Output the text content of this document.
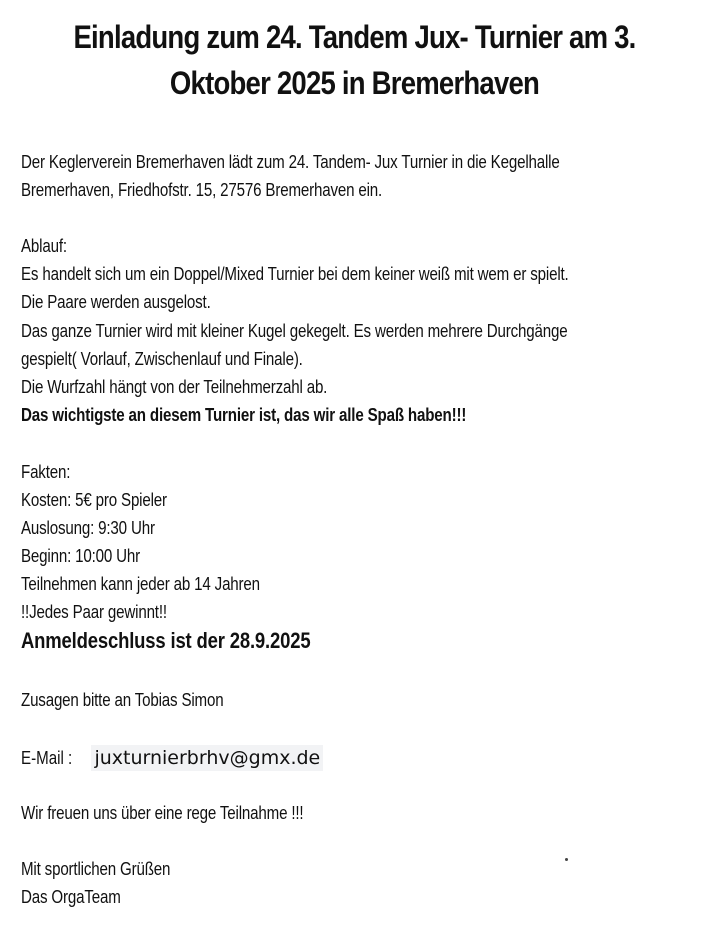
Einladung zum 24. Tandem Jux- Turnier am 3.
Oktober 2025 in Bremerhaven
Der Keglerverein Bremerhaven lädt zum 24. Tandem- Jux Turnier in die Kegelhalle
Bremerhaven, Friedhofstr. 15, 27576 Bremerhaven ein.
Ablauf:
Es handelt sich um ein Doppel/Mixed Turnier bei dem keiner weiß mit wem er spielt.
Die Paare werden ausgelost.
Das ganze Turnier wird mit kleiner Kugel gekegelt. Es werden mehrere Durchgänge
gespielt( Vorlauf, Zwischenlauf und Finale).
Die Wurfzahl hängt von der Teilnehmerzahl ab.
Das wichtigste an diesem Turnier ist, das wir alle Spaß haben!!!
Fakten:
Kosten: 5€ pro Spieler
Auslosung: 9:30 Uhr
Beginn: 10:00 Uhr
Teilnehmen kann jeder ab 14 Jahren
!!Jedes Paar gewinnt!!
Anmeldeschluss ist der 28.9.2025
Zusagen bitte an Tobias Simon
E-Mail : juxturnierbrhv@gmx.de
Wir freuen uns über eine rege Teilnahme !!!
Mit sportlichen Grüßen
Das OrgaTeam
